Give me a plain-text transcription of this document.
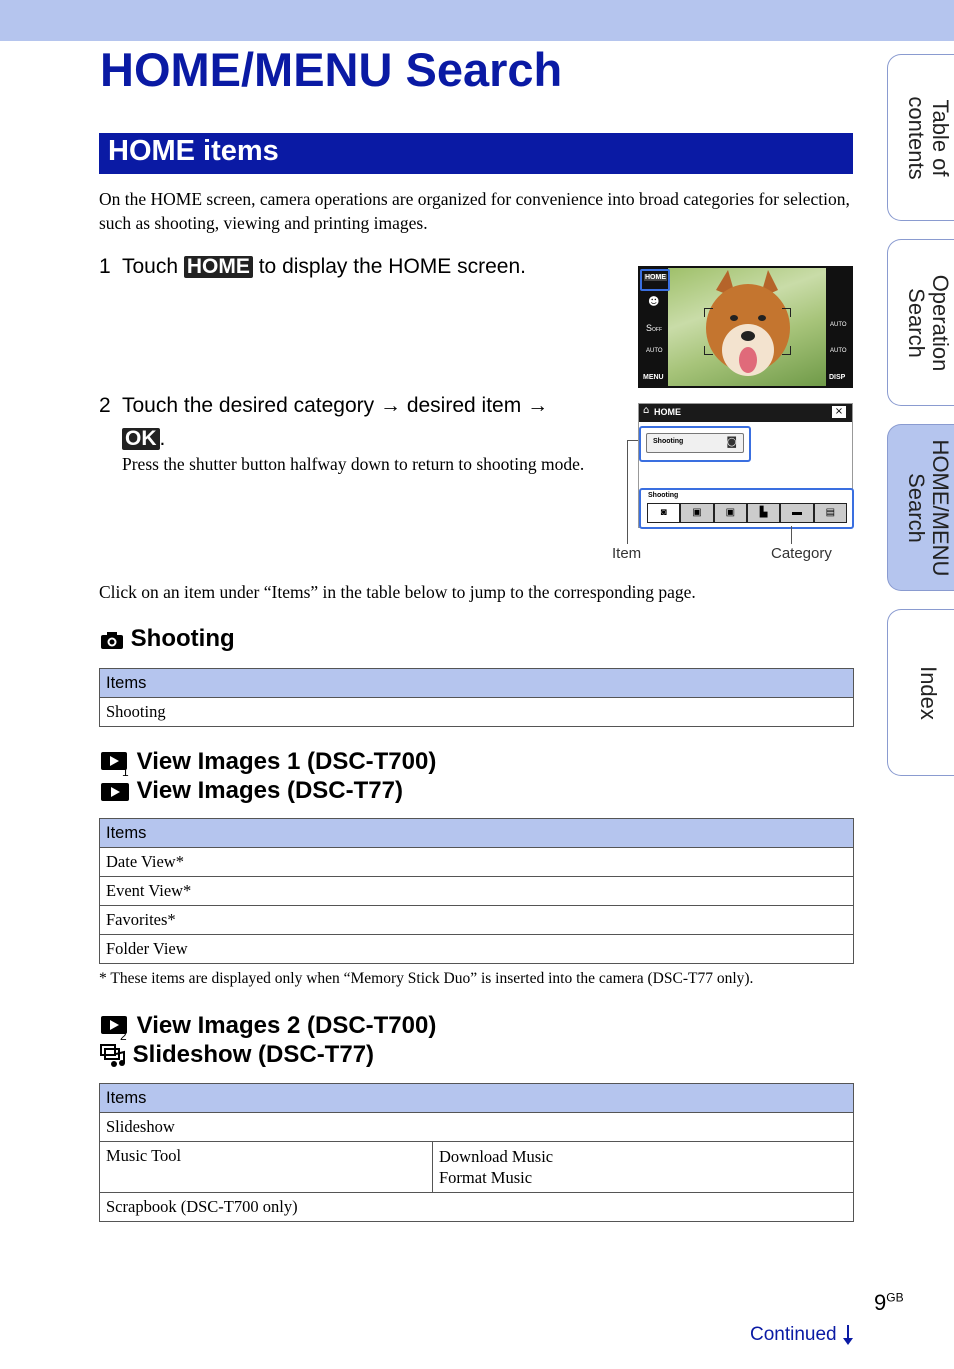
HOME/MENU Search
HOME items
On the HOME screen, camera operations are organized for convenience into broad categories for selection, such as shooting, viewing and printing images.
1 Touch HOME to display the HOME screen.	HOME
☻
SOFF
AUTO
MENU
AUTO
AUTO
DISP
2 Touch the desired category → desired item →
OK .
Press the shutter button halfway down to return to shooting mode.
⌂ HOME	×
Shooting	◙
Shooting
◙	▣	▣	▙	▬	▤
Item	Category
Click on an item under “Items” in the table below to jump to the corresponding page.
Shooting
Items
Shooting
1 View Images 1 (DSC-T700)
View Images (DSC-T77)
Items
Date View*
Event View*
Favorites*
Folder View
* These items are displayed only when “Memory Stick Duo” is inserted into the camera (DSC-T77 only).
2 View Images 2 (DSC-T700)
Slideshow (DSC-T77)
Items
Slideshow
Music Tool	Download Music
Format Music

Scrapbook (DSC-T700 only)
Table of
contents
Operation
Search
HOME/MENU
Search
Index
$9^{GB}$
Continued
